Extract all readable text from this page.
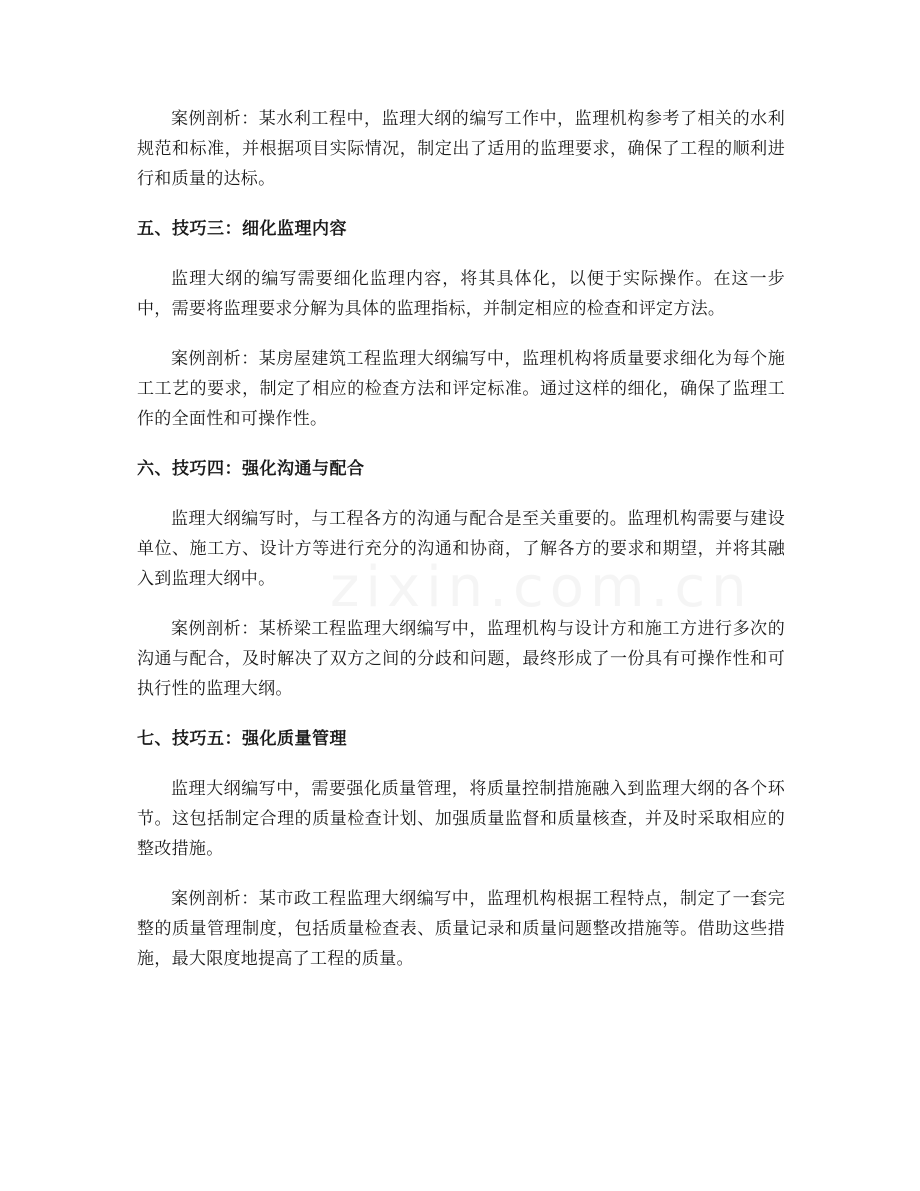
zixin.com.cn

案例剖析：某水利工程中，监理大纲的编写工作中，监理机构参考了相关的水利规范和标准，并根据项目实际情况，制定出了适用的监理要求，确保了工程的顺利进行和质量的达标。

五、技巧三：细化监理内容

监理大纲的编写需要细化监理内容，将其具体化，以便于实际操作。在这一步中，需要将监理要求分解为具体的监理指标，并制定相应的检查和评定方法。

案例剖析：某房屋建筑工程监理大纲编写中，监理机构将质量要求细化为每个施工工艺的要求，制定了相应的检查方法和评定标准。通过这样的细化，确保了监理工作的全面性和可操作性。

六、技巧四：强化沟通与配合

监理大纲编写时，与工程各方的沟通与配合是至关重要的。监理机构需要与建设单位、施工方、设计方等进行充分的沟通和协商，了解各方的要求和期望，并将其融入到监理大纲中。

案例剖析：某桥梁工程监理大纲编写中，监理机构与设计方和施工方进行多次的沟通与配合，及时解决了双方之间的分歧和问题，最终形成了一份具有可操作性和可执行性的监理大纲。

七、技巧五：强化质量管理

监理大纲编写中，需要强化质量管理，将质量控制措施融入到监理大纲的各个环节。这包括制定合理的质量检查计划、加强质量监督和质量核查，并及时采取相应的整改措施。

案例剖析：某市政工程监理大纲编写中，监理机构根据工程特点，制定了一套完整的质量管理制度，包括质量检查表、质量记录和质量问题整改措施等。借助这些措施，最大限度地提高了工程的质量。
